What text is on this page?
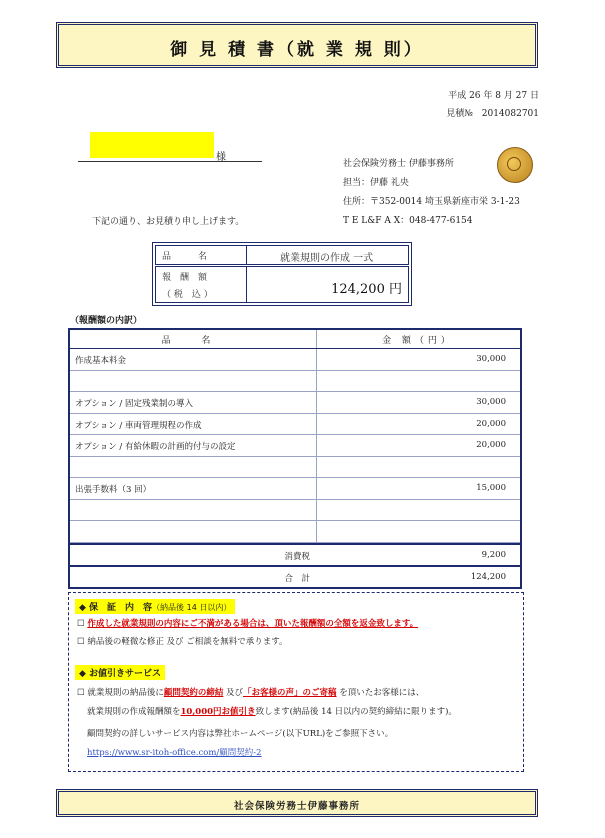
御 見 積 書（就 業 規 則）
平成 26 年 8 月 27 日
見積№　2014082701
様
社会保険労務士 伊藤事務所
担当：伊藤 礼央
住所：〒352-0014 埼玉県新座市栄 3-1-23
T E L&F A X：048-477-6154
下記の通り、お見積り申し上げます。
品　　　名	就業規則の作成 一式
報　酬　額
（ 税　込 ）	124,200 円
（報酬額の内訳）
品 名	金 額（円）
作成基本料金	30,000
オプション / 固定残業制の導入	30,000
オプション / 車両管理規程の作成	20,000
オプション / 有給休暇の計画的付与の設定	20,000
出張手数料（3 回）	15,000
消費税	9,200
合　計	124,200
◆ 保　証　内　容（納品後 14 日以内）
☐ 作成した就業規則の内容にご不満がある場合は、頂いた報酬額の全額を返金致します。
☐ 納品後の軽微な修正 及び ご相談を無料で承ります。
◆ お値引きサービス
☐ 就業規則の納品後に顧問契約の締結 及び「お客様の声」のご寄稿 を頂いたお客様には、
就業規則の作成報酬額を10,000円お値引き致します(納品後 14 日以内の契約締結に限ります)。
顧問契約の詳しいサービス内容は弊社ホームページ(以下URL)をご参照下さい。
https://www.sr-itoh-office.com/顧問契約-2
社会保険労務士伊藤事務所
